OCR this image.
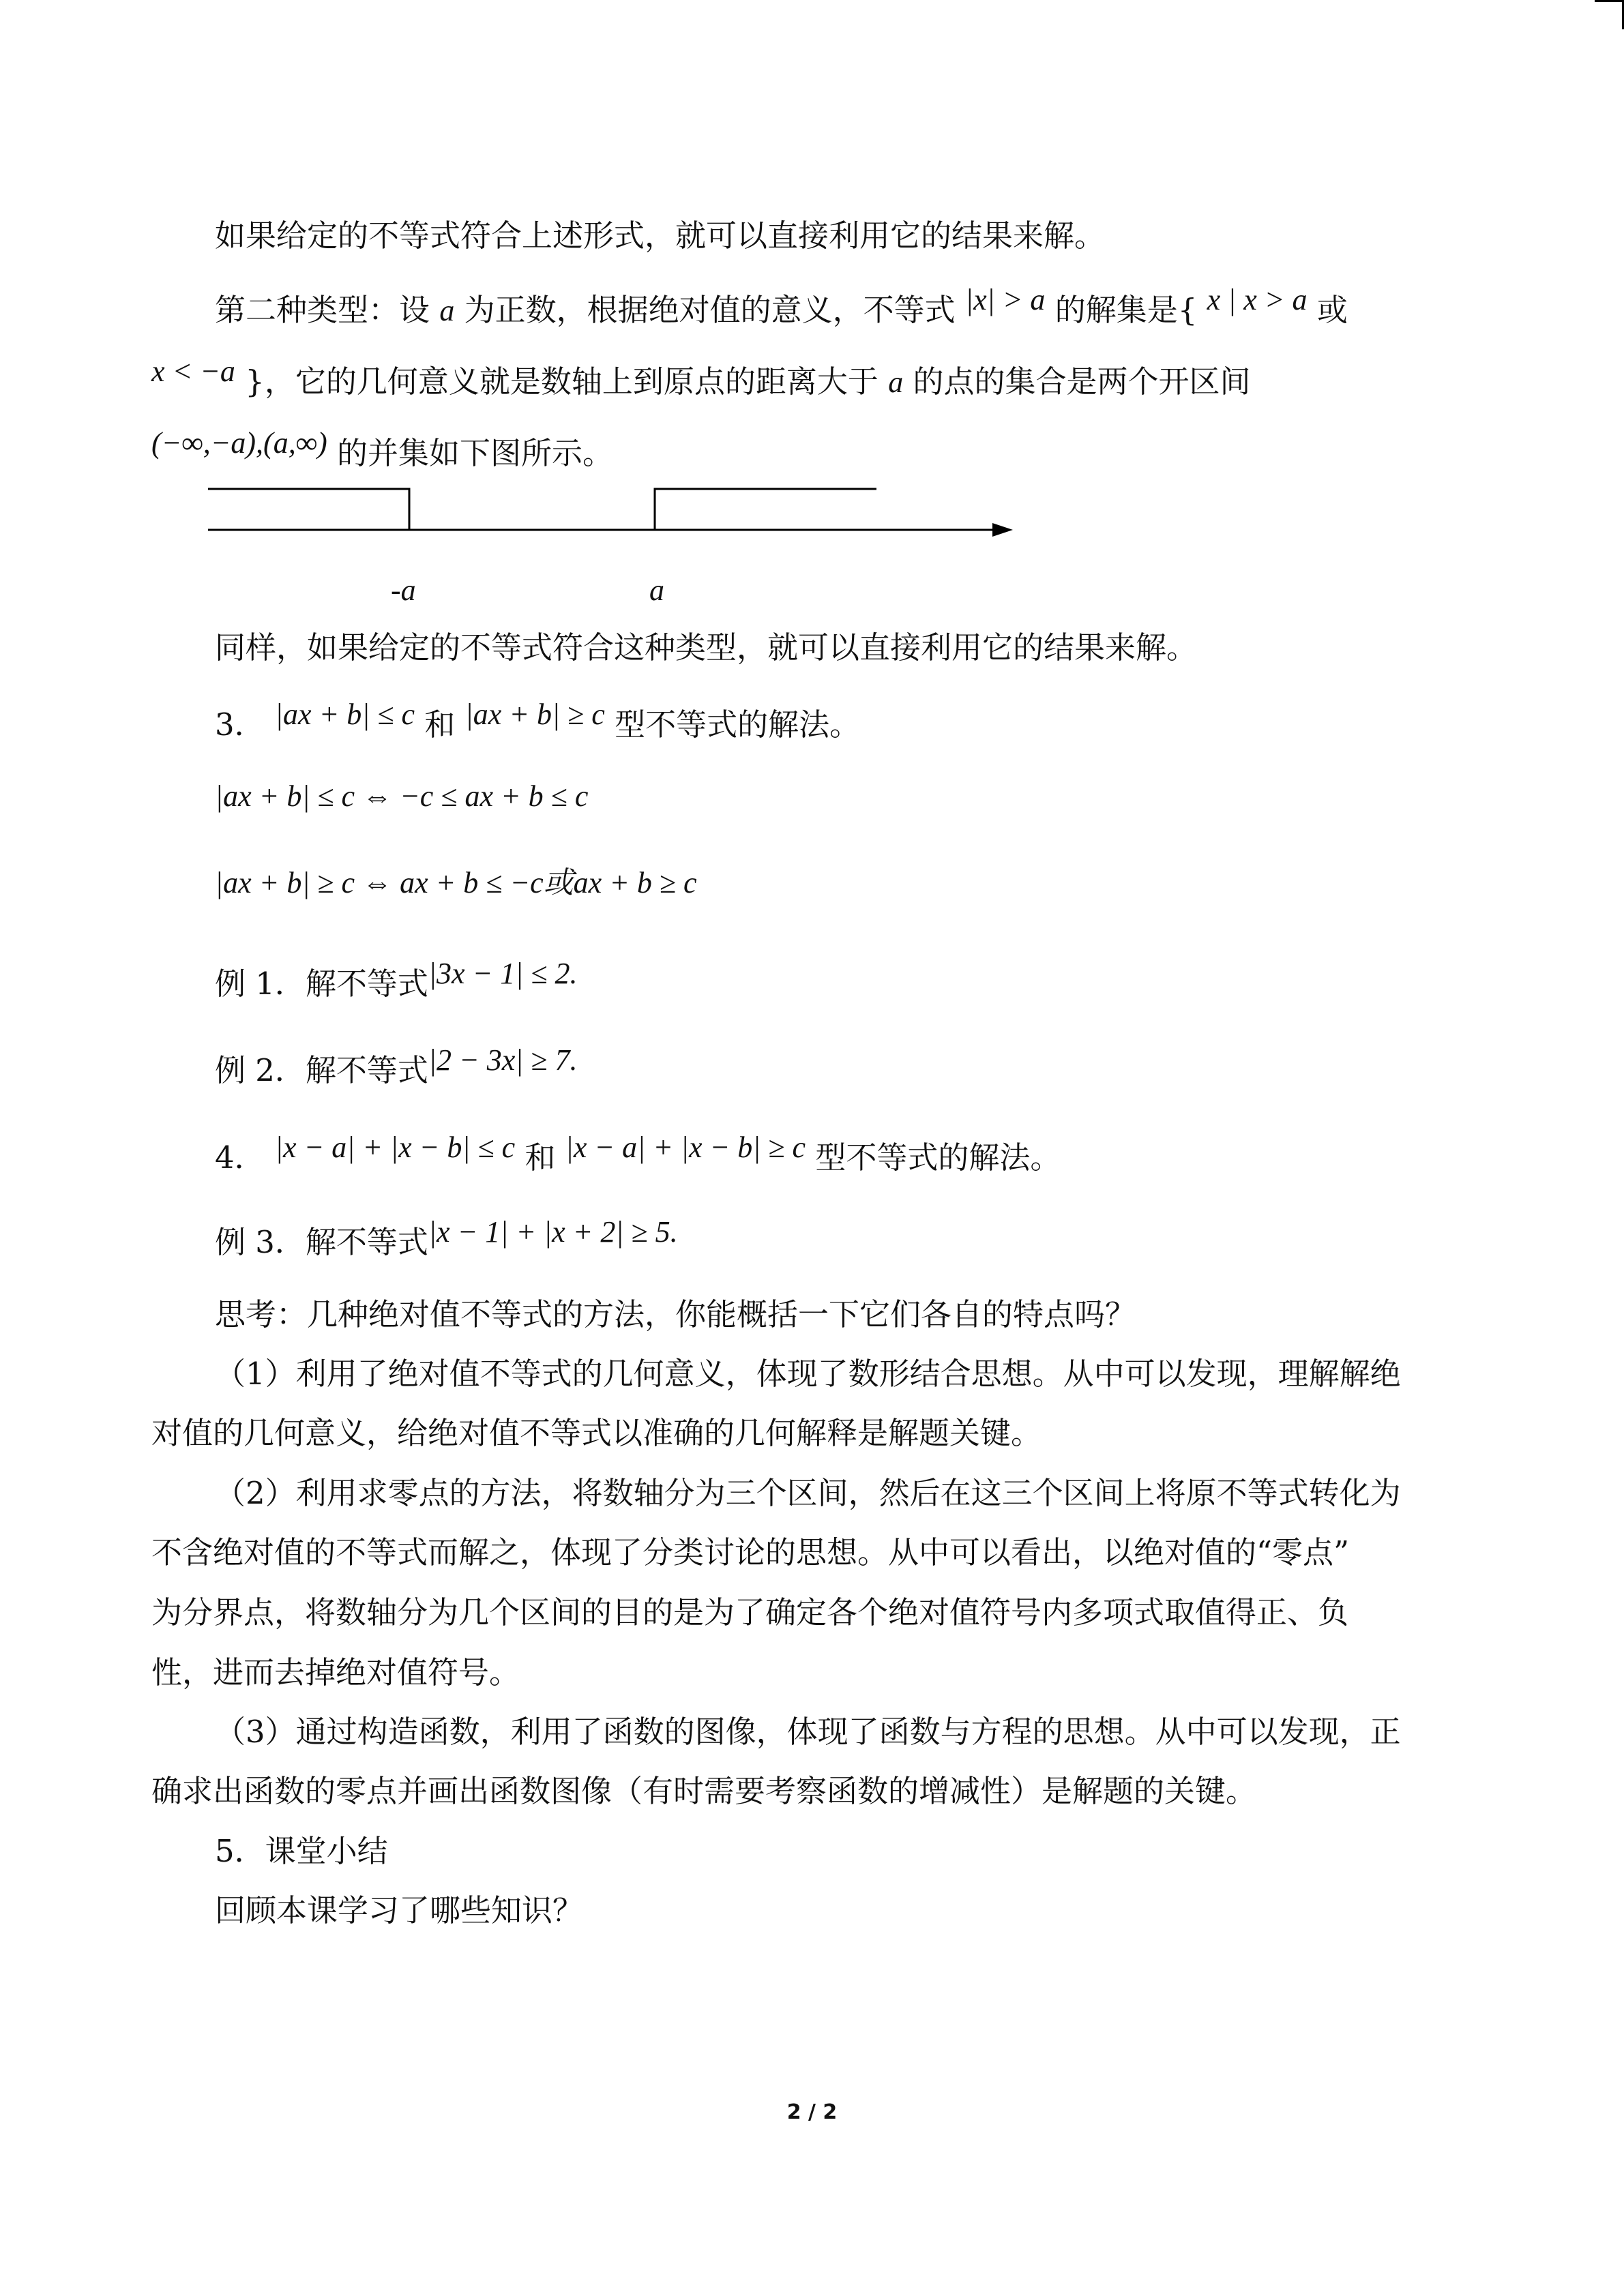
如果给定的不等式符合上述形式，就可以直接利用它的结果来解。
第二种类型：设 a 为正数，根据绝对值的意义，不等式 |x| > a 的解集是{ x | x > a 或
x < −a }，它的几何意义就是数轴上到原点的距离大于 a 的点的集合是两个开区间
(−∞,−a),(a,∞) 的并集如下图所示。
-a	a
同样，如果给定的不等式符合这种类型，就可以直接利用它的结果来解。
3． |ax + b| ≤ c 和 |ax + b| ≥ c 型不等式的解法。
|ax + b| ≤ c ⇔ −c ≤ ax + b ≤ c
|ax + b| ≥ c ⇔ ax + b ≤ −c或ax + b ≥ c
例 1．解不等式|3x − 1| ≤ 2.
例 2．解不等式|2 − 3x| ≥ 7.
4． |x − a| + |x − b| ≤ c 和 |x − a| + |x − b| ≥ c 型不等式的解法。
例 3．解不等式|x − 1| + |x + 2| ≥ 5.
思考：几种绝对值不等式的方法，你能概括一下它们各自的特点吗？
（1）利用了绝对值不等式的几何意义，体现了数形结合思想。从中可以发现，理解解绝
对值的几何意义，给绝对值不等式以准确的几何解释是解题关键。
（2）利用求零点的方法，将数轴分为三个区间，然后在这三个区间上将原不等式转化为
不含绝对值的不等式而解之，体现了分类讨论的思想。从中可以看出，以绝对值的“零点”
为分界点，将数轴分为几个区间的目的是为了确定各个绝对值符号内多项式取值得正、负
性，进而去掉绝对值符号。
（3）通过构造函数，利用了函数的图像，体现了函数与方程的思想。从中可以发现，正
确求出函数的零点并画出函数图像（有时需要考察函数的增减性）是解题的关键。
5．课堂小结
回顾本课学习了哪些知识？
2 / 2
